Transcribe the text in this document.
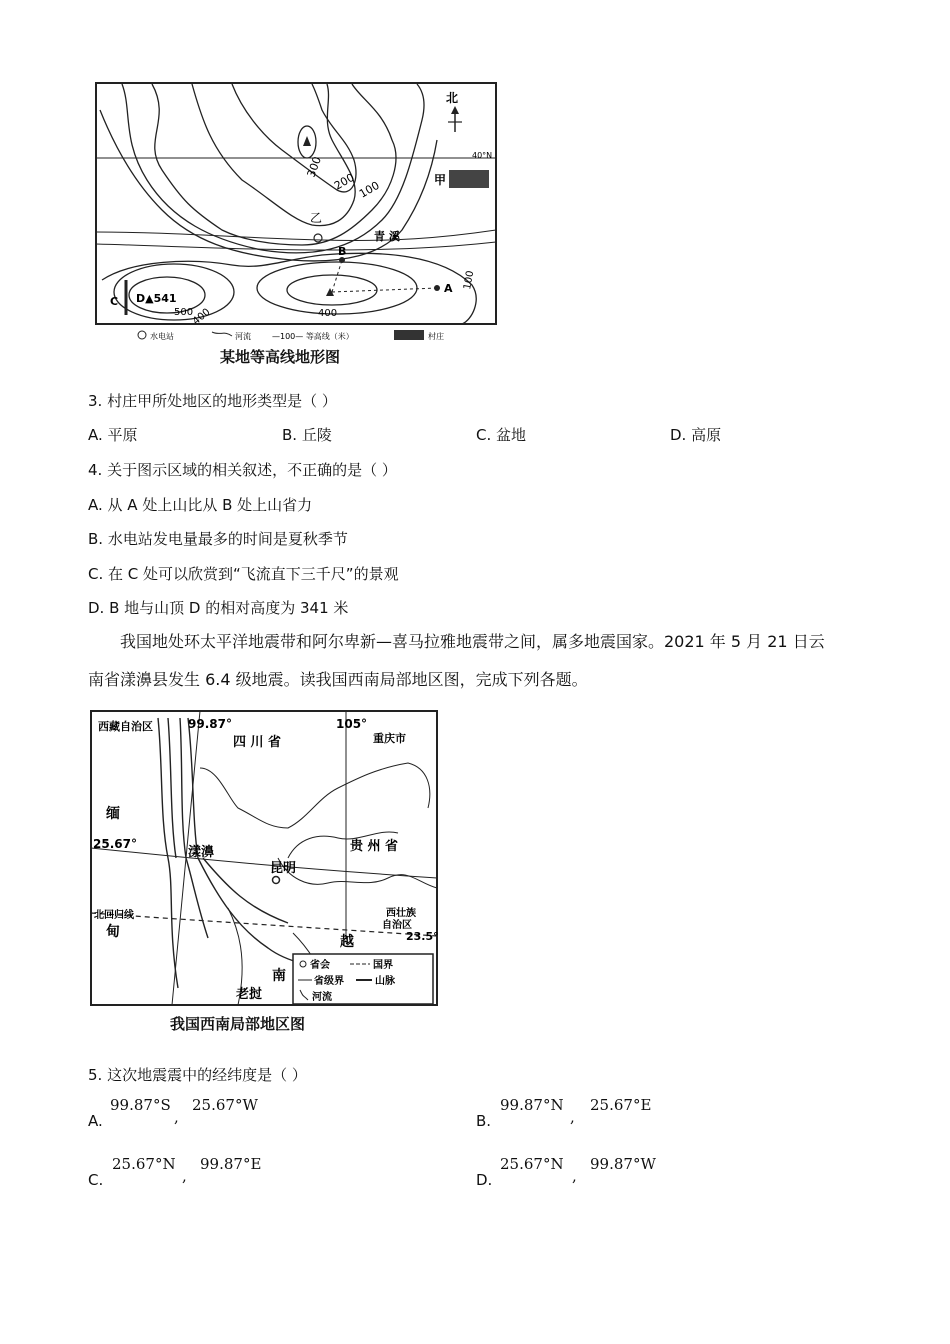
40°N
北
甲
300
200 100
乙
青 溪
B
A
C D▲541
500
400	400
100
水电站	河流	—100— 等高线（米）	村庄
某地等高线地形图
3. 村庄甲所处地区的地形类型是（ ）
A. 平原	B. 丘陵	C. 盆地	D. 高原
4. 关于图示区域的相关叙述，不正确的是（ ）
A. 从 A 处上山比从 B 处上山省力
B. 水电站发电量最多的时间是夏秋季节
C. 在 C 处可以欣赏到“飞流直下三千尺”的景观
D. B 地与山顶 D 的相对高度为 341 米
我国地处环太平洋地震带和阿尔卑新—喜马拉雅地震带之间，属多地震国家。2021 年 5 月 21 日云
南省漾濞县发生 6.4 级地震。读我国西南局部地区图，完成下列各题。
西藏自治区	99.87°	105°
四 川 省	重庆市
缅
25.67°
漾濞
昆明
贵 州 省
北回归线
甸
西壮族
自治区
23.5°
越
南
老挝
省会	国界
省级界	山脉
河流
我国西南局部地区图
5. 这次地震震中的经纬度是（ ）
A.
99.87°S
,
25.67°W
B.
99.87°N
,
25.67°E
C.
25.67°N
,
99.87°E
D.
25.67°N
,
99.87°W
